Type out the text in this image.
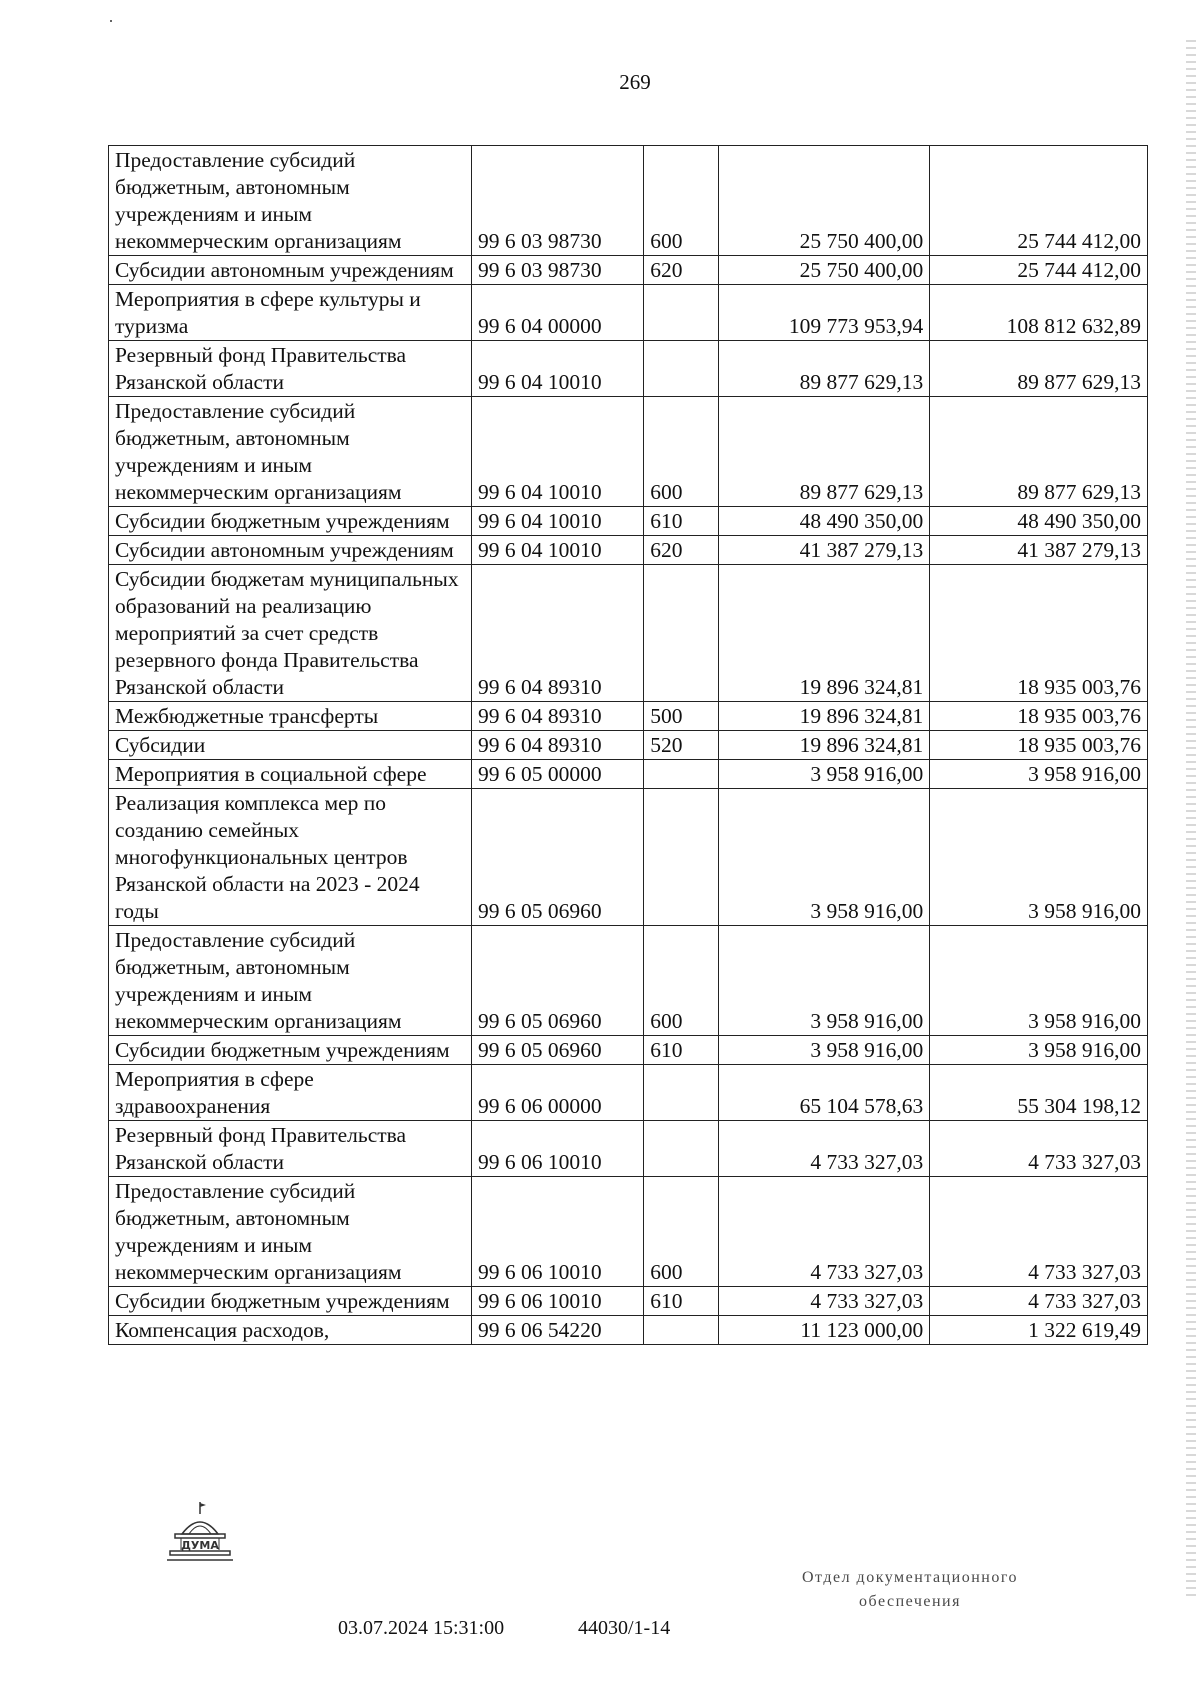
269
Предоставление субсидий бюджетным, автономным учреждениям и иным некоммерческим организациям	99 6 03 98730	600	25 750 400,00	25 744 412,00
Субсидии автономным учреждениям	99 6 03 98730	620	25 750 400,00	25 744 412,00
Мероприятия в сфере культуры и туризма	99 6 04 00000		109 773 953,94	108 812 632,89
Резервный фонд Правительства Рязанской области	99 6 04 10010		89 877 629,13	89 877 629,13
Предоставление субсидий бюджетным, автономным учреждениям и иным некоммерческим организациям	99 6 04 10010	600	89 877 629,13	89 877 629,13
Субсидии бюджетным учреждениям	99 6 04 10010	610	48 490 350,00	48 490 350,00
Субсидии автономным учреждениям	99 6 04 10010	620	41 387 279,13	41 387 279,13
Субсидии бюджетам муниципальных образований на реализацию мероприятий за счет средств резервного фонда Правительства Рязанской области	99 6 04 89310		19 896 324,81	18 935 003,76
Межбюджетные трансферты	99 6 04 89310	500	19 896 324,81	18 935 003,76
Субсидии	99 6 04 89310	520	19 896 324,81	18 935 003,76
Мероприятия в социальной сфере	99 6 05 00000		3 958 916,00	3 958 916,00
Реализация комплекса мер по созданию семейных многофункциональных центров Рязанской области на 2023 - 2024 годы	99 6 05 06960		3 958 916,00	3 958 916,00
Предоставление субсидий бюджетным, автономным учреждениям и иным некоммерческим организациям	99 6 05 06960	600	3 958 916,00	3 958 916,00
Субсидии бюджетным учреждениям	99 6 05 06960	610	3 958 916,00	3 958 916,00
Мероприятия в сфере здравоохранения	99 6 06 00000		65 104 578,63	55 304 198,12
Резервный фонд Правительства Рязанской области	99 6 06 10010		4 733 327,03	4 733 327,03
Предоставление субсидий бюджетным, автономным учреждениям и иным некоммерческим организациям	99 6 06 10010	600	4 733 327,03	4 733 327,03
Субсидии бюджетным учреждениям	99 6 06 10010	610	4 733 327,03	4 733 327,03
Компенсация расходов,	99 6 06 54220		11 123 000,00	1 322 619,49
ДУМА
03.07.2024 15:31:00	44030/1-14
Отдел документационного
обеспечения
